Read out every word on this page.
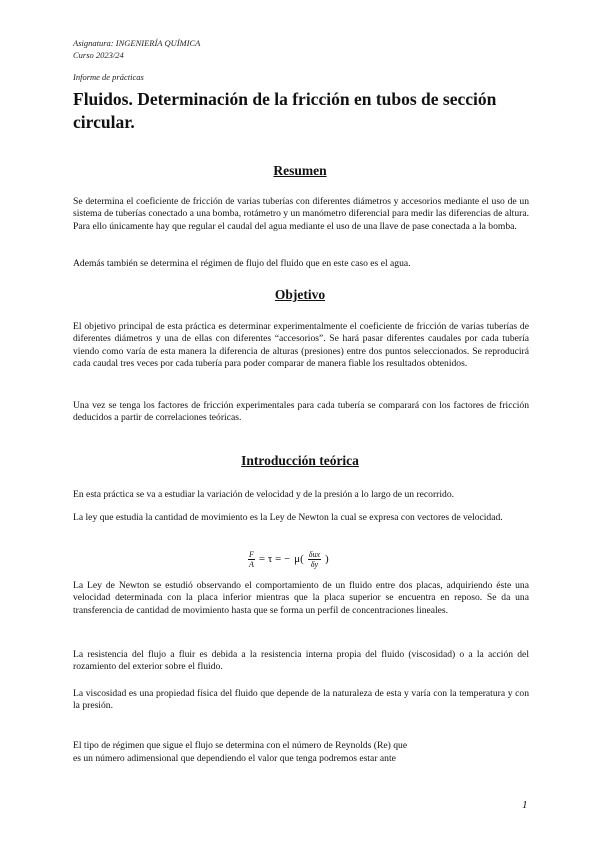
Asignatura: INGENIERÍA QUÍMICA
Curso 2023/24
Informe de prácticas
Fluidos. Determinación de la fricción en tubos de sección circular.
Resumen

Se determina el coeficiente de fricción de varias tuberías con diferentes diámetros y accesorios mediante el uso de un sistema de tuberías conectado a una bomba, rotámetro y un manómetro diferencial para medir las diferencias de altura. Para ello únicamente hay que regular el caudal del agua mediante el uso de una llave de pase conectada a la bomba.

Además también se determina el régimen de flujo del fluido que en este caso es el agua.

Objetivo

El objetivo principal de esta práctica es determinar experimentalmente el coeficiente de fricción de varias tuberías de diferentes diámetros y una de ellas con diferentes “accesorios”. Se hará pasar diferentes caudales por cada tubería viendo como varía de esta manera la diferencia de alturas (presiones) entre dos puntos seleccionados. Se reproducirá cada caudal tres veces por cada tubería para poder comparar de manera fiable los resultados obtenidos.

Una vez se tenga los factores de fricción experimentales para cada tubería se comparará con los factores de fricción deducidos a partir de correlaciones teóricas.

Introducción teórica

En esta práctica se va a estudiar la variación de velocidad y de la presión a lo largo de un recorrido.

La ley que estudia la cantidad de movimiento es la Ley de Newton la cual se expresa con vectores de velocidad.

$\frac{F}{A} = \tau$ = − $\mu( \frac{\text{δux}}{\delta y}$ )

La Ley de Newton se estudió observando el comportamiento de un fluido entre dos placas, adquiriendo éste una velocidad determinada con la placa inferior mientras que la placa superior se encuentra en reposo. Se da una transferencia de cantidad de movimiento hasta que se forma un perfil de concentraciones lineales.

La resistencia del flujo a fluir es debida a la resistencia interna propia del fluido (viscosidad) o a la acción del rozamiento del exterior sobre el fluido.

La viscosidad es una propiedad física del fluido que depende de la naturaleza de esta y varía con la temperatura y con la presión.

El tipo de régimen que sigue el flujo se determina con el número de Reynolds (Re) que

es un número adimensional que dependiendo el valor que tenga podremos estar ante

1
